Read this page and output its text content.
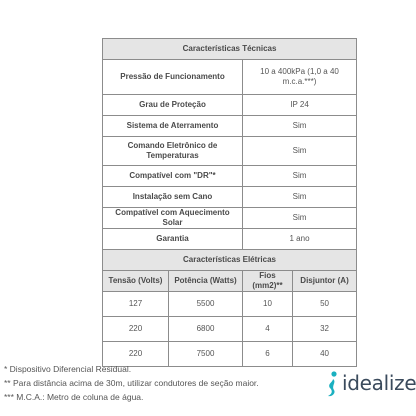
Características Técnicas			
Pressão de Funcionamento		10 a 400kPa (1,0 a 40 m.c.a.***)	
Grau de Proteção		IP 24	
Sistema de Aterramento		Sim	
Comando Eletrônico de Temperaturas		Sim	
Compatível com "DR"*		Sim	
Instalação sem Cano		Sim	
Compatível com Aquecimento Solar		Sim	
Garantia		1 ano	
Características Elétricas			
Tensão (Volts)	Potência (Watts)	Fios (mm2)**	Disjuntor (A)
127	5500	10	50
220	6800	4	32
220	7500	6	40
* Dispositivo Diferencial Residual.
** Para distância acima de 30m, utilizar condutores de seção maior.
*** M.C.A.: Metro de coluna de água.
idealize
